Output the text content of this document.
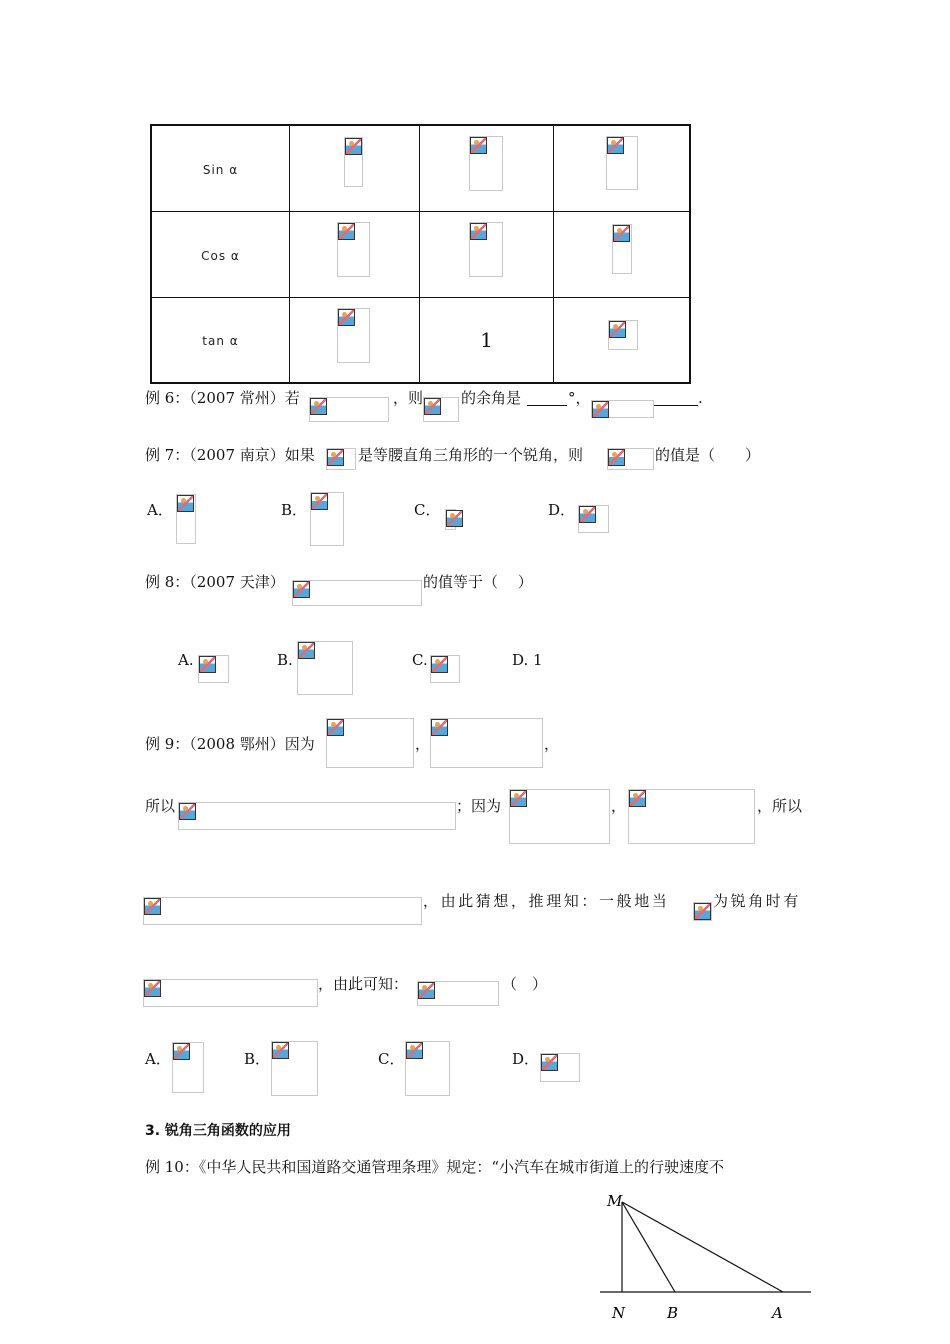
Sin α	

Cos α	

tan α		1	
例 6：（2007 常州）若	，则	的余角是	°，	.
例 7：（2007 南京）如果	是等腰直角三角形的一个锐角，则	的值是（　　）
A．	B．	C．	D．
例 8：（2007 天津）	的值等于（　 ）
A.	B.	C.	D. 1
例 9：（2008 鄂州）因为	，	，
所以	；因为	，	，所以
，由此猜想，推理知：一般地当	为锐角时有
，由此可知：	（　）
A．	B．	C．	D．
3. 锐角三角函数的应用
例 10：《中华人民共和国道路交通管理条理》规定：“小汽车在城市街道上的行驶速度不
M
N	B	A
